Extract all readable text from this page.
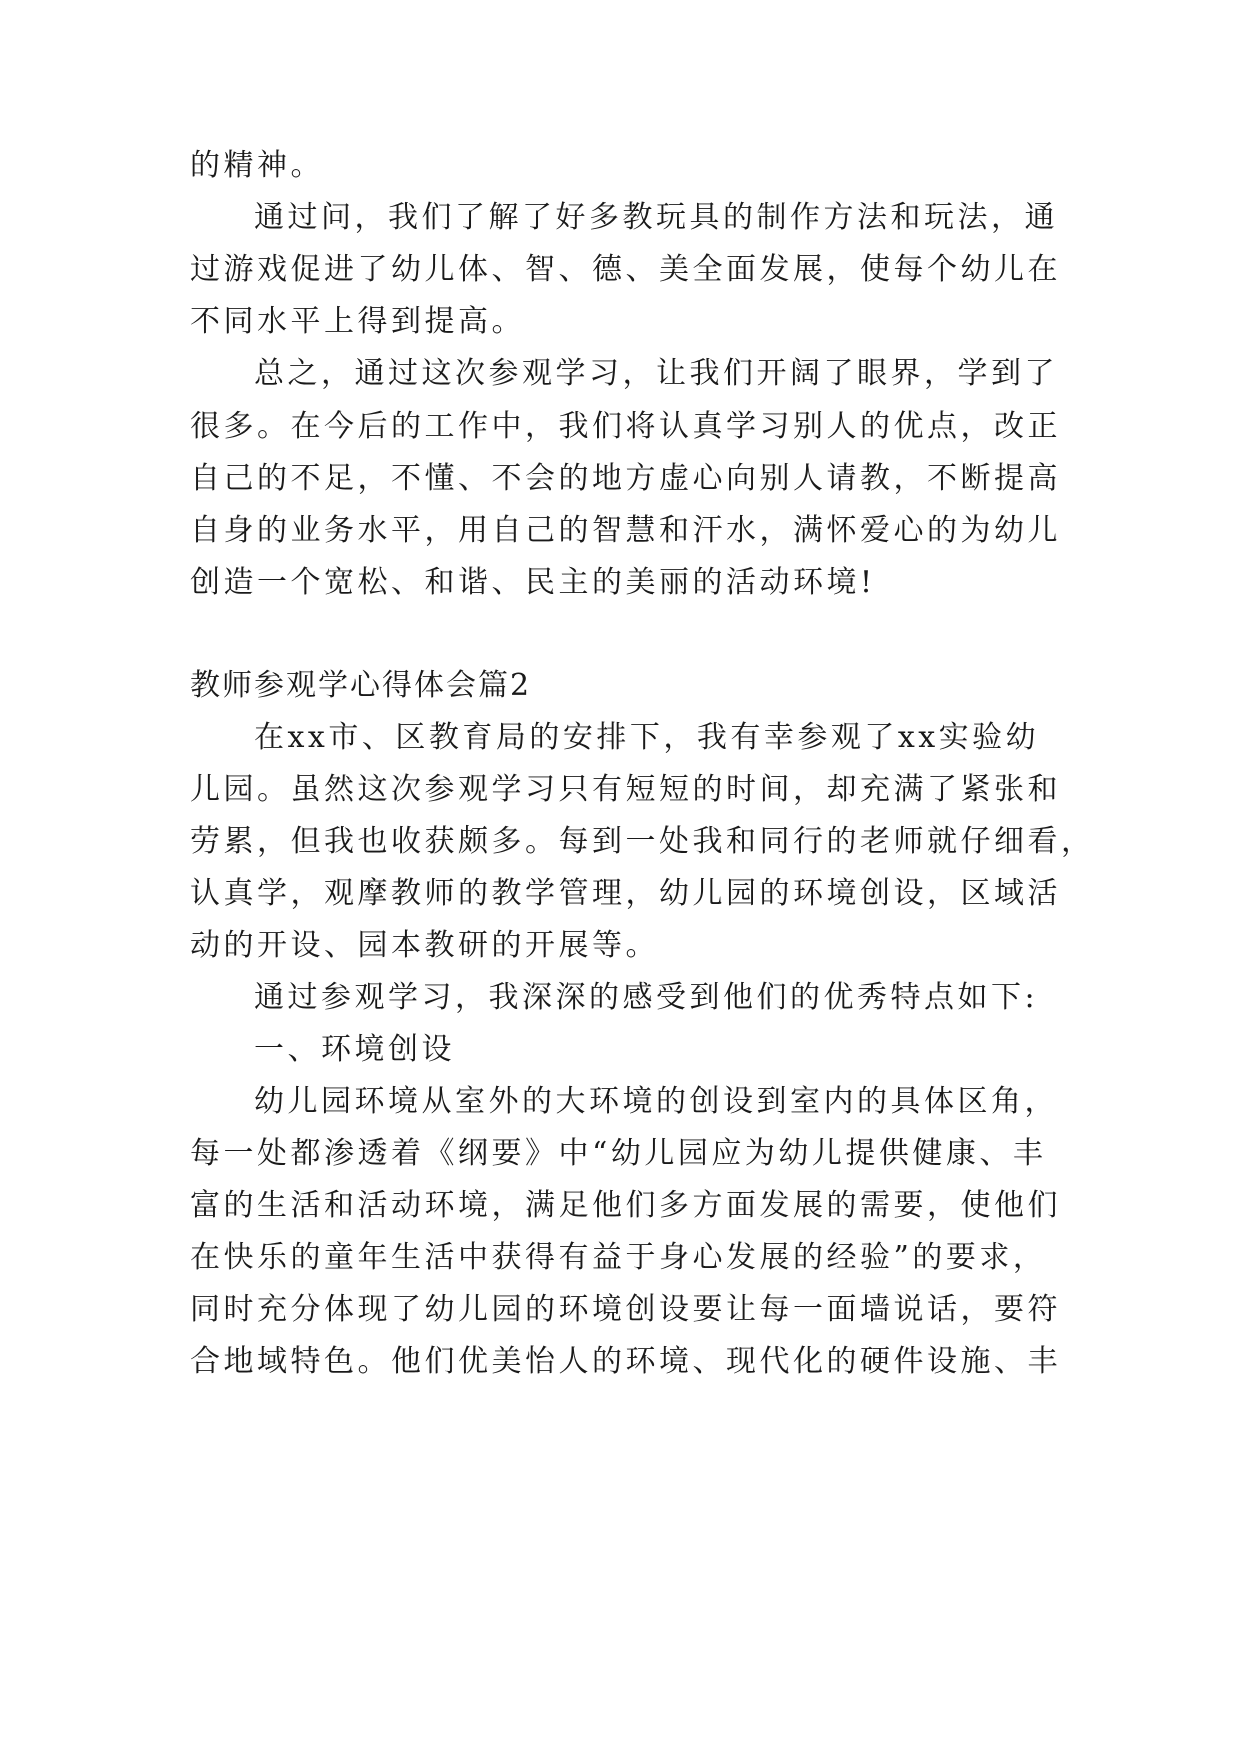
的精神。
通过问，我们了解了好多教玩具的制作方法和玩法，通
过游戏促进了幼儿体、智、德、美全面发展，使每个幼儿在
不同水平上得到提高。
总之，通过这次参观学习，让我们开阔了眼界，学到了
很多。在今后的工作中，我们将认真学习别人的优点，改正
自己的不足，不懂、不会的地方虚心向别人请教，不断提高
自身的业务水平，用自己的智慧和汗水，满怀爱心的为幼儿
创造一个宽松、和谐、民主的美丽的活动环境!
教师参观学心得体会篇2
在xx市、区教育局的安排下，我有幸参观了xx实验幼
儿园。虽然这次参观学习只有短短的时间，却充满了紧张和
劳累，但我也收获颇多。每到一处我和同行的老师就仔细看，
认真学，观摩教师的教学管理，幼儿园的环境创设，区域活
动的开设、园本教研的开展等。
通过参观学习，我深深的感受到他们的优秀特点如下:
一、环境创设
幼儿园环境从室外的大环境的创设到室内的具体区角，
每一处都渗透着《纲要》中“幼儿园应为幼儿提供健康、丰
富的生活和活动环境，满足他们多方面发展的需要，使他们
在快乐的童年生活中获得有益于身心发展的经验”的要求，
同时充分体现了幼儿园的环境创设要让每一面墙说话，要符
合地域特色。他们优美怡人的环境、现代化的硬件设施、丰
